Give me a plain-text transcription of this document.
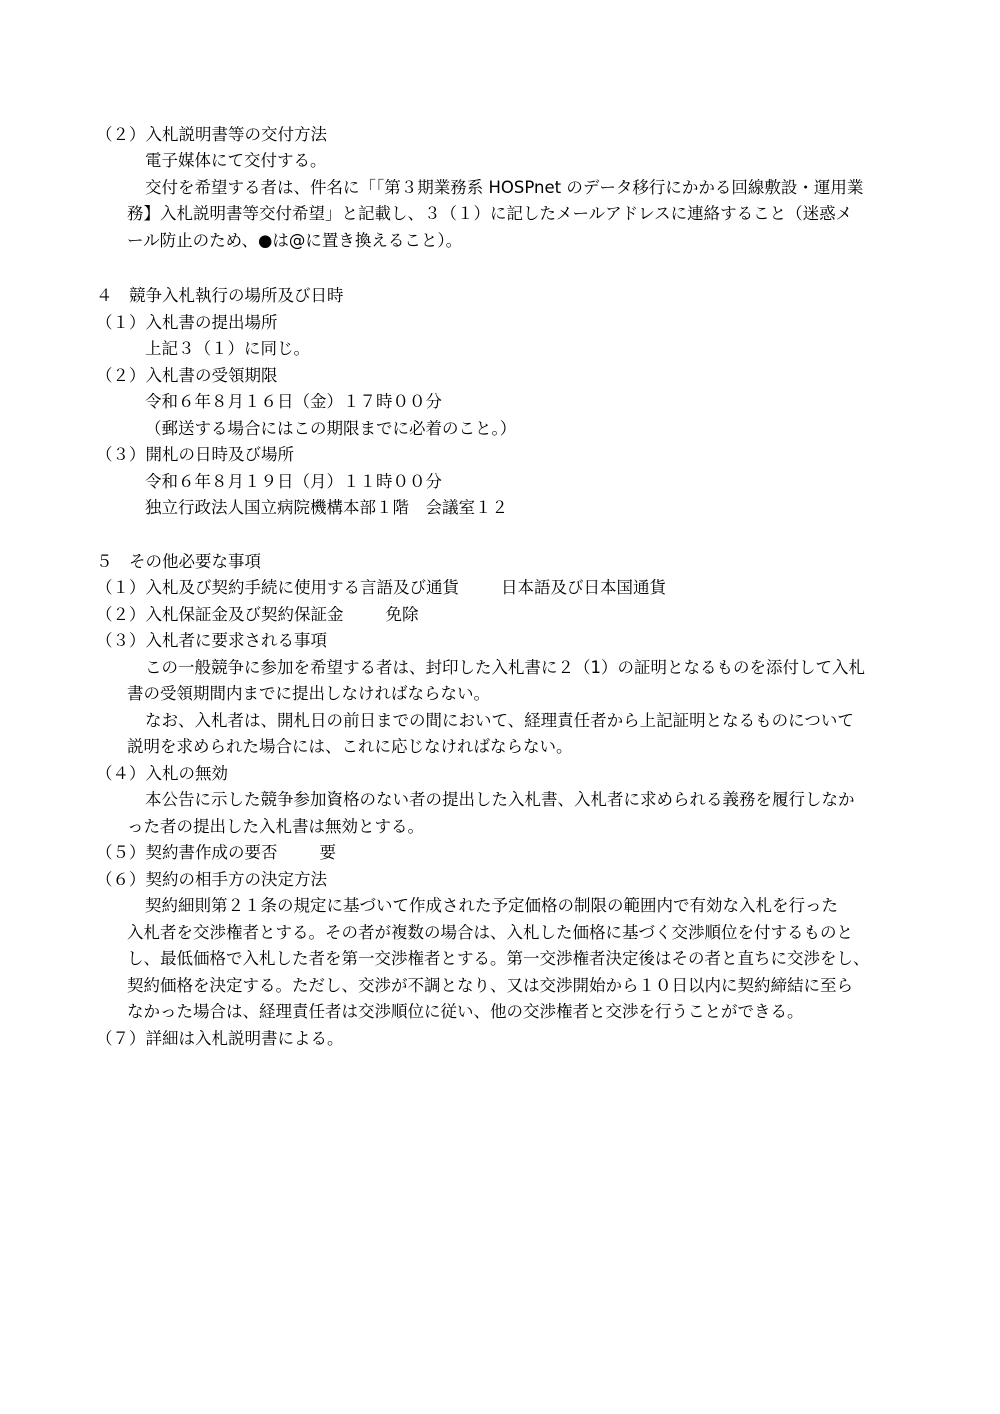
（２）入札説明書等の交付方法
電子媒体にて交付する。
交付を希望する者は、件名に「「第３期業務系 HOSPnet のデータ移行にかかる回線敷設・運用業
務】入札説明書等交付希望」と記載し、３（１）に記したメールアドレスに連絡すること（迷惑メ
ール防止のため、●は@に置き換えること）。
４　競争入札執行の場所及び日時
（１）入札書の提出場所
上記３（１）に同じ。
（２）入札書の受領期限
令和６年８月１６日（金）１７時００分
（郵送する場合にはこの期限までに必着のこと。）
（３）開札の日時及び場所
令和６年８月１９日（月）１１時００分
独立行政法人国立病院機構本部１階　会議室１２
５　その他必要な事項
（１）入札及び契約手続に使用する言語及び通貨	日本語及び日本国通貨
（２）入札保証金及び契約保証金	免除
（３）入札者に要求される事項
この一般競争に参加を希望する者は、封印した入札書に２（1）の証明となるものを添付して入札
書の受領期間内までに提出しなければならない。
なお、入札者は、開札日の前日までの間において、経理責任者から上記証明となるものについて
説明を求められた場合には、これに応じなければならない。
（４）入札の無効
本公告に示した競争参加資格のない者の提出した入札書、入札者に求められる義務を履行しなか
った者の提出した入札書は無効とする。
（５）契約書作成の要否	要
（６）契約の相手方の決定方法
契約細則第２１条の規定に基づいて作成された予定価格の制限の範囲内で有効な入札を行った
入札者を交渉権者とする。その者が複数の場合は、入札した価格に基づく交渉順位を付するものと
し、最低価格で入札した者を第一交渉権者とする。第一交渉権者決定後はその者と直ちに交渉をし、
契約価格を決定する。ただし、交渉が不調となり、又は交渉開始から１０日以内に契約締結に至ら
なかった場合は、経理責任者は交渉順位に従い、他の交渉権者と交渉を行うことができる。
（７）詳細は入札説明書による。
